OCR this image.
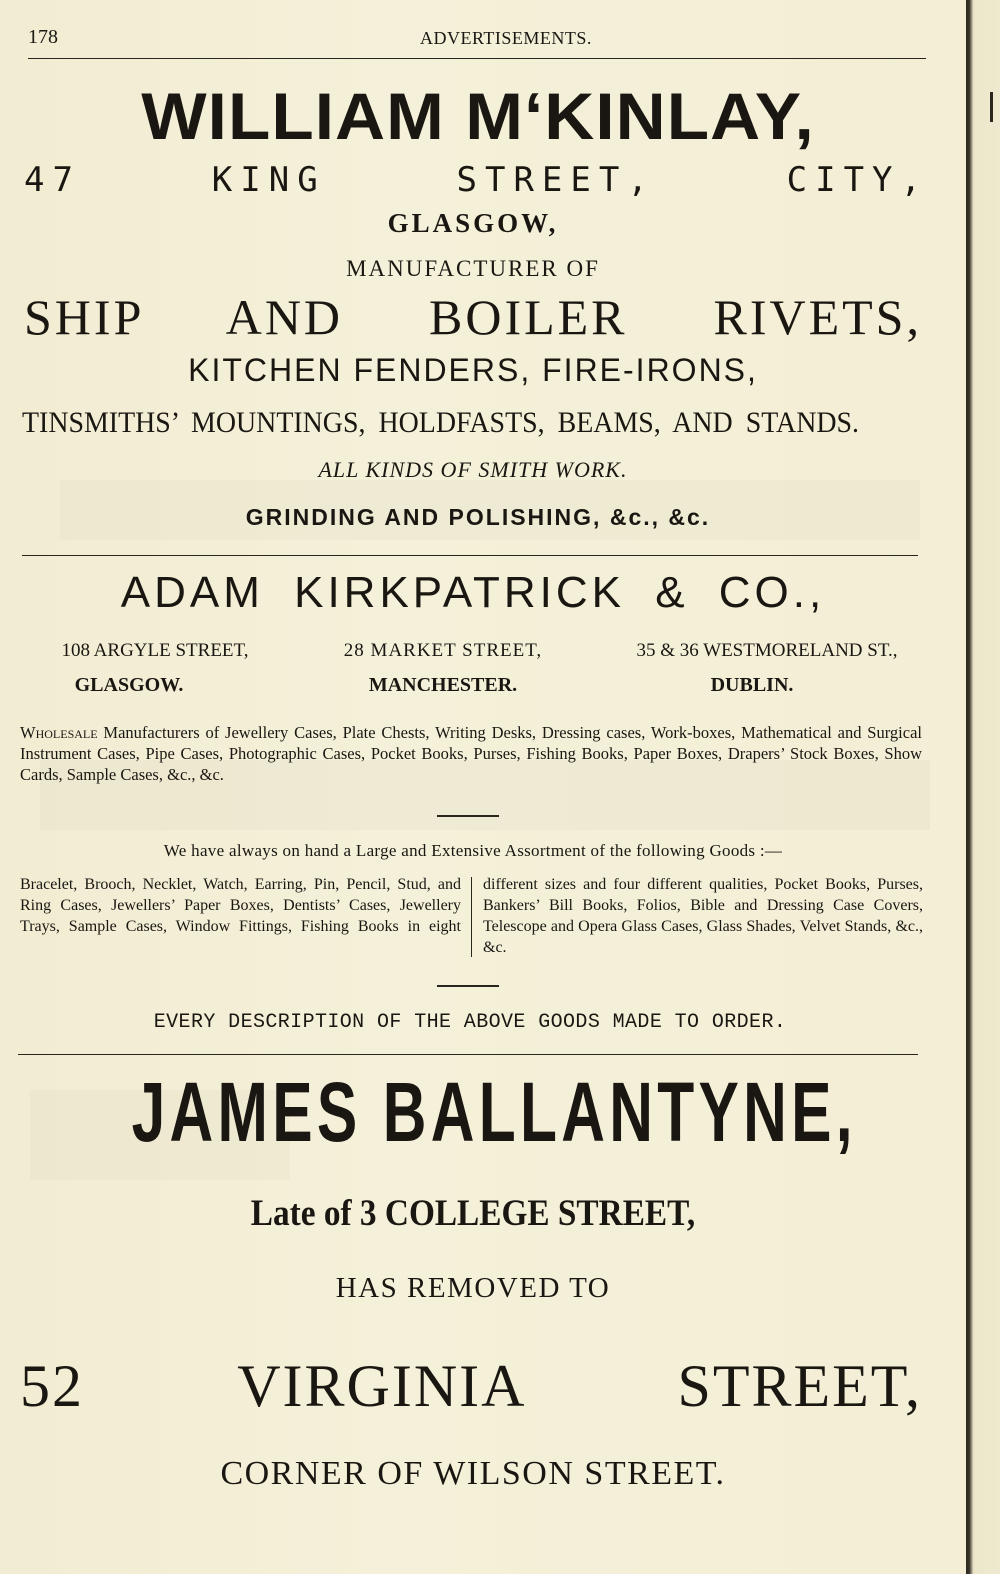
178	ADVERTISEMENTS.
WILLIAM M‘KINLAY,
47 KING STREET, CITY,
GLASGOW,
MANUFACTURER OF
SHIP AND BOILER RIVETS,
KITCHEN FENDERS, FIRE-IRONS,
TINSMITHS’ MOUNTINGS, HOLDFASTS, BEAMS, AND STANDS.
ALL KINDS OF SMITH WORK.
GRINDING AND POLISHING, &c., &c.
ADAM KIRKPATRICK & CO.,
108 ARGYLE STREET,
GLASGOW.
28 MARKET STREET,
MANCHESTER.
35 & 36 WESTMORELAND ST.,
DUBLIN.
Wholesale Manufacturers of Jewellery Cases, Plate Chests, Writing Desks, Dressing cases, Work-boxes, Mathematical and Surgical Instrument Cases, Pipe Cases, Photographic Cases, Pocket Books, Purses, Fishing Books, Paper Boxes, Drapers’ Stock Boxes, Show Cards, Sample Cases, &c., &c.
We have always on hand a Large and Extensive Assortment of the following Goods :—
Bracelet, Brooch, Necklet, Watch, Earring, Pin, Pencil, Stud, and Ring Cases, Jewellers’ Paper Boxes, Dentists’ Cases, Jewellery Trays, Sample Cases, Window Fittings, Fishing Books in eight
different sizes and four different qualities, Pocket Books, Purses, Bankers’ Bill Books, Folios, Bible and Dressing Case Covers, Telescope and Opera Glass Cases, Glass Shades, Velvet Stands, &c., &c.
EVERY DESCRIPTION OF THE ABOVE GOODS MADE TO ORDER.
JAMES BALLANTYNE,
Late of 3 COLLEGE STREET,
HAS REMOVED TO
52 VIRGINIA STREET,
CORNER OF WILSON STREET.
